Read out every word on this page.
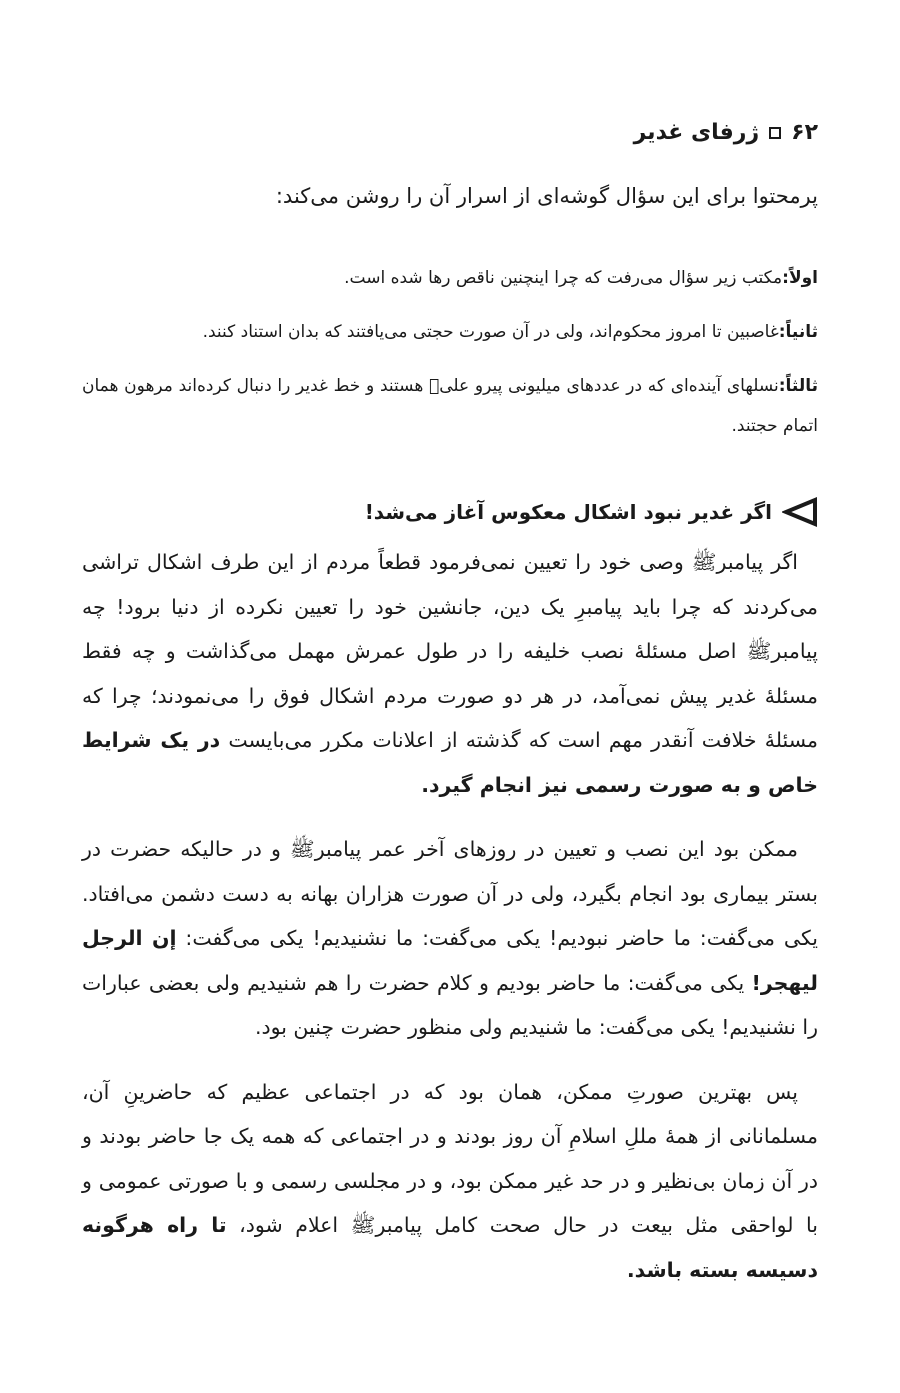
۶۲
ژرفای غدیر
پرمحتوا برای این سؤال گوشه‌ای از اسرار آن را روشن می‌کند:

اولاً:مکتب زیر سؤال می‌رفت که چرا اینچنین ناقص رها شده است.

ثانیاً:غاصبین تا امروز محکوم‌اند، ولی در آن صورت حجتی می‌یافتند که بدان استناد کنند.

ثالثاً:نسلهای آینده‌ای که در عددهای میلیونی پیرو علیؑ هستند و خط غدیر را دنبال کرده‌اند مرهون همان اتمام حجتند.

اگر غدیر نبود اشکال معکوس آغاز می‌شد!

اگر پیامبرﷺ وصی خود را تعیین نمی‌فرمود قطعاً مردم از این طرف اشکال تراشی می‌کردند که چرا باید پیامبرِ یک دین، جانشین خود را تعیین نکرده از دنیا برود! چه پیامبرﷺ اصل مسئلهٔ نصب خلیفه را در طول عمرش مهمل می‌گذاشت و چه فقط مسئلهٔ غدیر پیش نمی‌آمد، در هر دو صورت مردم اشکال فوق را می‌نمودند؛ چرا که مسئلهٔ خلافت آنقدر مهم است که گذشته از اعلانات مکرر می‌بایست در یک شرایط خاص و به صورت رسمی نیز انجام گیرد.

ممکن بود این نصب و تعیین در روزهای آخر عمر پیامبرﷺ و در حالیکه حضرت در بستر بیماری بود انجام بگیرد، ولی در آن صورت هزاران بهانه به دست دشمن می‌افتاد. یکی می‌گفت: ما حاضر نبودیم! یکی می‌گفت: ما نشنیدیم! یکی می‌گفت: إن الرجل لیهجر! یکی می‌گفت: ما حاضر بودیم و کلام حضرت را هم شنیدیم ولی بعضی عبارات را نشنیدیم! یکی می‌گفت: ما شنیدیم ولی منظور حضرت چنین بود.

پس بهترین صورتِ ممکن، همان بود که در اجتماعی عظیم که حاضرینِ آن، مسلمانانی از همهٔ مللِ اسلامِ آن روز بودند و در اجتماعی که همه یک جا حاضر بودند و در آن زمان بی‌نظیر و در حد غیر ممکن بود، و در مجلسی رسمی و با صورتی عمومی و با لواحقی مثل بیعت در حال صحت کامل پیامبرﷺ اعلام شود، تا راه هرگونه دسیسه بسته باشد.
